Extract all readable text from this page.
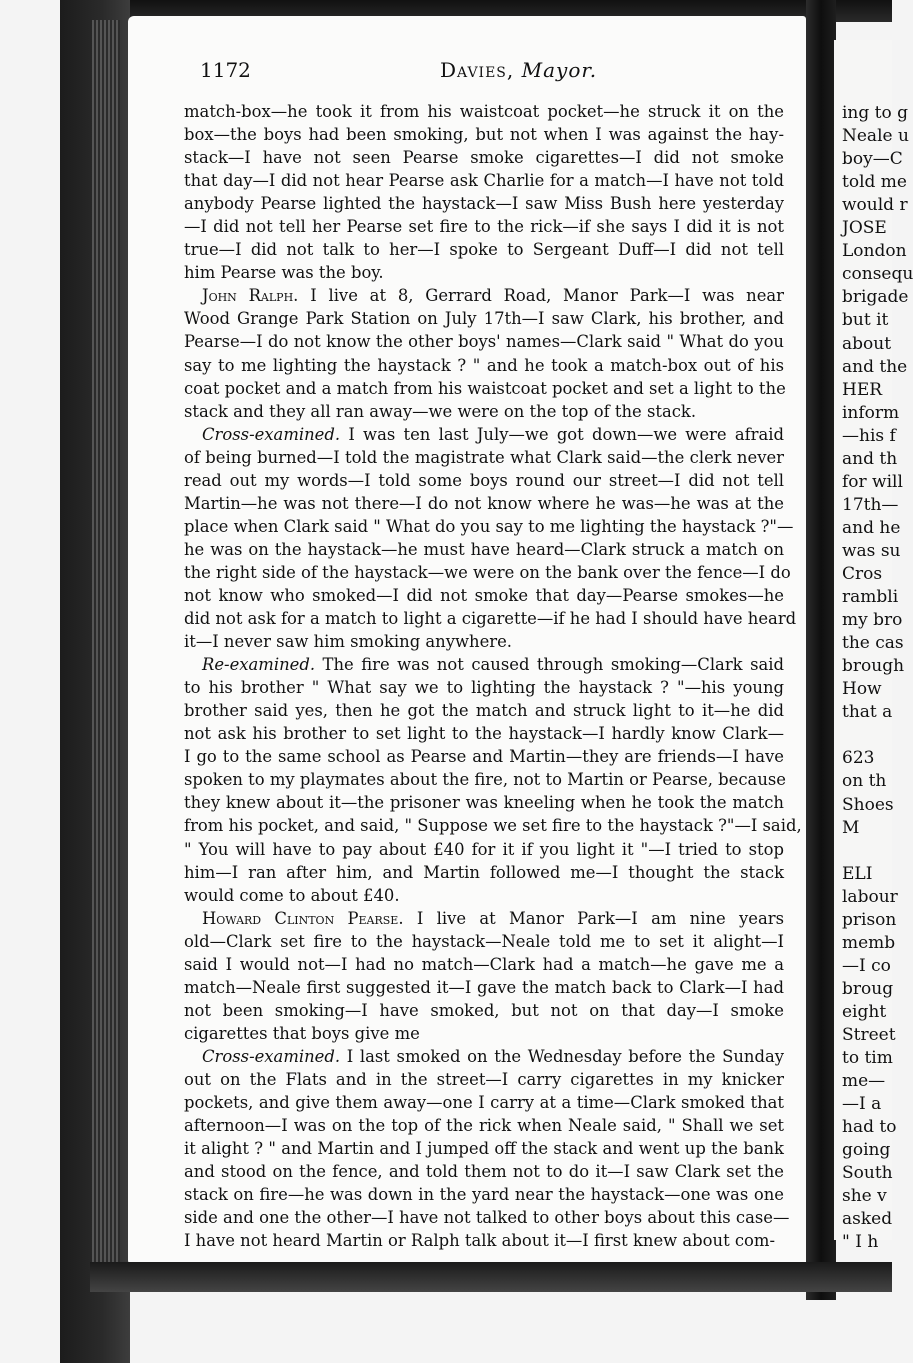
ing to g
Neale u
boy—C
told me
would r
JOSE
London
consequ
brigade
but it
about
and the
HER
inform
—his f
and th
for will
17th—
and he
was su
Cros
rambli
my bro
the cas
brough
How
that a
623
on th
Shoes
M
ELI
labour
prison
memb
—I co
broug
eight
Street
to tim
me—
—I a
had to
going
South
she v
asked
" I h
1172	Davies, Mayor.
match-box—he took it from his waistcoat pocket—he struck it on the
box—the boys had been smoking, but not when I was against the hay-
stack—I have not seen Pearse smoke cigarettes—I did not smoke
that day—I did not hear Pearse ask Charlie for a match—I have not told
anybody Pearse lighted the haystack—I saw Miss Bush here yesterday
—I did not tell her Pearse set fire to the rick—if she says I did it is not
true—I did not talk to her—I spoke to Sergeant Duff—I did not tell
him Pearse was the boy.
John Ralph. I live at 8, Gerrard Road, Manor Park—I was near
Wood Grange Park Station on July 17th—I saw Clark, his brother, and
Pearse—I do not know the other boys' names—Clark said " What do you
say to me lighting the haystack ? " and he took a match-box out of his
coat pocket and a match from his waistcoat pocket and set a light to the
stack and they all ran away—we were on the top of the stack.
Cross-examined. I was ten last July—we got down—we were afraid
of being burned—I told the magistrate what Clark said—the clerk never
read out my words—I told some boys round our street—I did not tell
Martin—he was not there—I do not know where he was—he was at the
place when Clark said " What do you say to me lighting the haystack ?"—
he was on the haystack—he must have heard—Clark struck a match on
the right side of the haystack—we were on the bank over the fence—I do
not know who smoked—I did not smoke that day—Pearse smokes—he
did not ask for a match to light a cigarette—if he had I should have heard
it—I never saw him smoking anywhere.
Re-examined. The fire was not caused through smoking—Clark said
to his brother " What say we to lighting the haystack ? "—his young
brother said yes, then he got the match and struck light to it—he did
not ask his brother to set light to the haystack—I hardly know Clark—
I go to the same school as Pearse and Martin—they are friends—I have
spoken to my playmates about the fire, not to Martin or Pearse, because
they knew about it—the prisoner was kneeling when he took the match
from his pocket, and said, " Suppose we set fire to the haystack ?"—I said,
" You will have to pay about £40 for it if you light it "—I tried to stop
him—I ran after him, and Martin followed me—I thought the stack
would come to about £40.
Howard Clinton Pearse. I live at Manor Park—I am nine years
old—Clark set fire to the haystack—Neale told me to set it alight—I
said I would not—I had no match—Clark had a match—he gave me a
match—Neale first suggested it—I gave the match back to Clark—I had
not been smoking—I have smoked, but not on that day—I smoke
cigarettes that boys give me
Cross-examined. I last smoked on the Wednesday before the Sunday
out on the Flats and in the street—I carry cigarettes in my knicker
pockets, and give them away—one I carry at a time—Clark smoked that
afternoon—I was on the top of the rick when Neale said, " Shall we set
it alight ? " and Martin and I jumped off the stack and went up the bank
and stood on the fence, and told them not to do it—I saw Clark set the
stack on fire—he was down in the yard near the haystack—one was one
side and one the other—I have not talked to other boys about this case—
I have not heard Martin or Ralph talk about it—I first knew about com-
